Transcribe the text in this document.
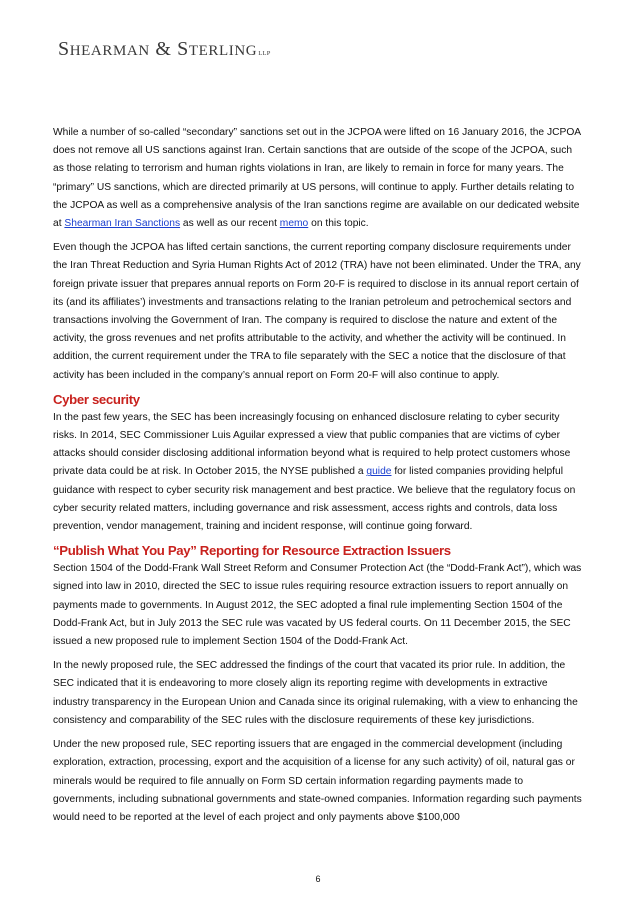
SHEARMAN & STERLINGLLP

While a number of so-called “secondary” sanctions set out in the JCPOA were lifted on 16 January 2016, the JCPOA does not remove all US sanctions against Iran. Certain sanctions that are outside of the scope of the JCPOA, such as those relating to terrorism and human rights violations in Iran, are likely to remain in force for many years. The “primary” US sanctions, which are directed primarily at US persons, will continue to apply. Further details relating to the JCPOA as well as a comprehensive analysis of the Iran sanctions regime are available on our dedicated website at Shearman Iran Sanctions as well as our recent memo on this topic.

Even though the JCPOA has lifted certain sanctions, the current reporting company disclosure requirements under the Iran Threat Reduction and Syria Human Rights Act of 2012 (TRA) have not been eliminated. Under the TRA, any foreign private issuer that prepares annual reports on Form 20-F is required to disclose in its annual report certain of its (and its affiliates’) investments and transactions relating to the Iranian petroleum and petrochemical sectors and transactions involving the Government of Iran. The company is required to disclose the nature and extent of the activity, the gross revenues and net profits attributable to the activity, and whether the activity will be continued. In addition, the current requirement under the TRA to file separately with the SEC a notice that the disclosure of that activity has been included in the company’s annual report on Form 20-F will also continue to apply.

Cyber security

In the past few years, the SEC has been increasingly focusing on enhanced disclosure relating to cyber security risks. In 2014, SEC Commissioner Luis Aguilar expressed a view that public companies that are victims of cyber attacks should consider disclosing additional information beyond what is required to help protect customers whose private data could be at risk. In October 2015, the NYSE published a guide for listed companies providing helpful guidance with respect to cyber security risk management and best practice. We believe that the regulatory focus on cyber security related matters, including governance and risk assessment, access rights and controls, data loss prevention, vendor management, training and incident response, will continue going forward.

“Publish What You Pay” Reporting for Resource Extraction Issuers

Section 1504 of the Dodd-Frank Wall Street Reform and Consumer Protection Act (the “Dodd-Frank Act”), which was signed into law in 2010, directed the SEC to issue rules requiring resource extraction issuers to report annually on payments made to governments. In August 2012, the SEC adopted a final rule implementing Section 1504 of the Dodd-Frank Act, but in July 2013 the SEC rule was vacated by US federal courts. On 11 December 2015, the SEC issued a new proposed rule to implement Section 1504 of the Dodd-Frank Act.

In the newly proposed rule, the SEC addressed the findings of the court that vacated its prior rule. In addition, the SEC indicated that it is endeavoring to more closely align its reporting regime with developments in extractive industry transparency in the European Union and Canada since its original rulemaking, with a view to enhancing the consistency and comparability of the SEC rules with the disclosure requirements of these key jurisdictions.

Under the new proposed rule, SEC reporting issuers that are engaged in the commercial development (including exploration, extraction, processing, export and the acquisition of a license for any such activity) of oil, natural gas or minerals would be required to file annually on Form SD certain information regarding payments made to governments, including subnational governments and state-owned companies. Information regarding such payments would need to be reported at the level of each project and only payments above $100,000

6
